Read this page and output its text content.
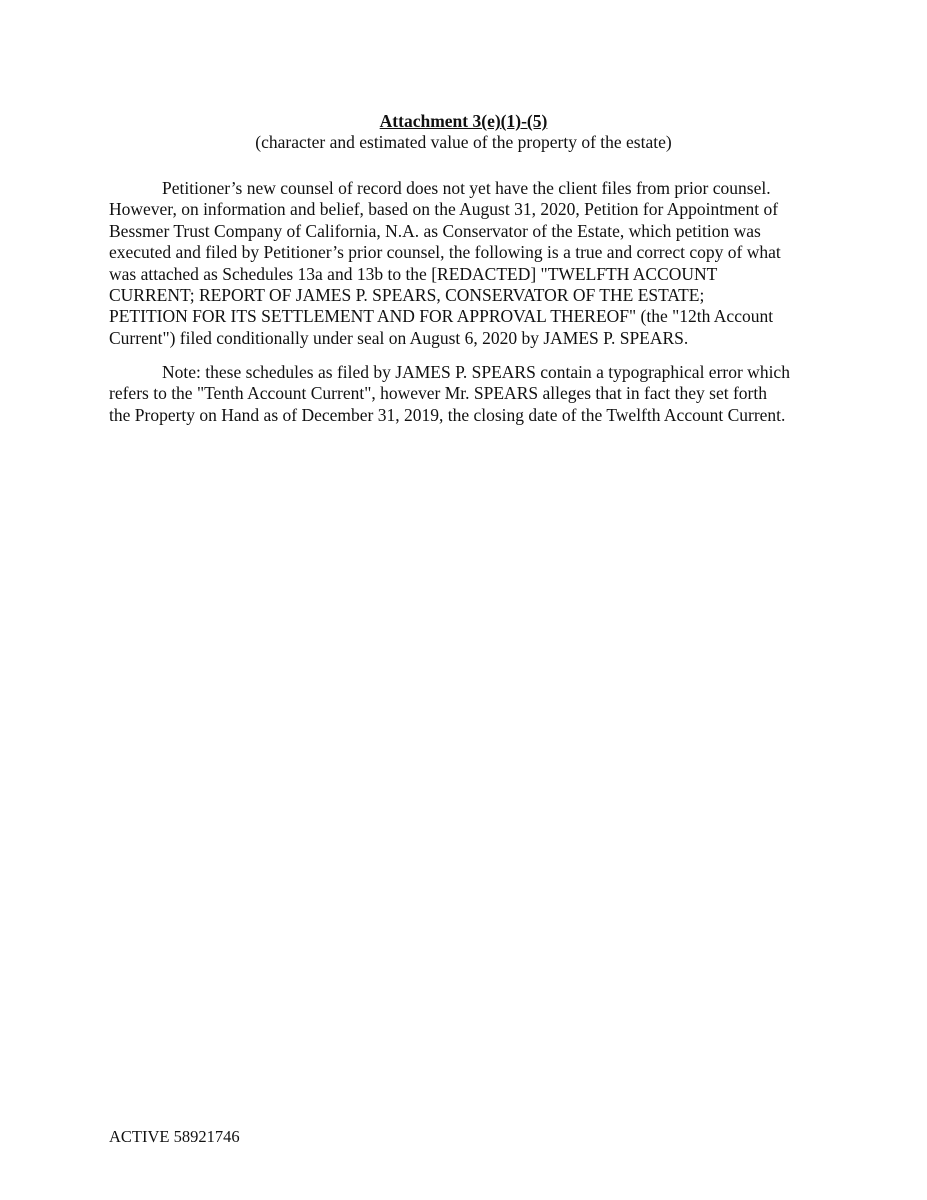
Attachment 3(e)(1)-(5)

(character and estimated value of the property of the estate)

Petitioner’s new counsel of record does not yet have the client files from prior counsel.
However, on information and belief, based on the August 31, 2020, Petition for Appointment of
Bessmer Trust Company of California, N.A. as Conservator of the Estate, which petition was
executed and filed by Petitioner’s prior counsel, the following is a true and correct copy of what
was attached as Schedules 13a and 13b to the [REDACTED] "TWELFTH ACCOUNT
CURRENT; REPORT OF JAMES P. SPEARS, CONSERVATOR OF THE ESTATE;
PETITION FOR ITS SETTLEMENT AND FOR APPROVAL THEREOF" (the "12th Account
Current") filed conditionally under seal on August 6, 2020 by JAMES P. SPEARS.

Note: these schedules as filed by JAMES P. SPEARS contain a typographical error which
refers to the "Tenth Account Current", however Mr. SPEARS alleges that in fact they set forth
the Property on Hand as of December 31, 2019, the closing date of the Twelfth Account Current.

ACTIVE 58921746
